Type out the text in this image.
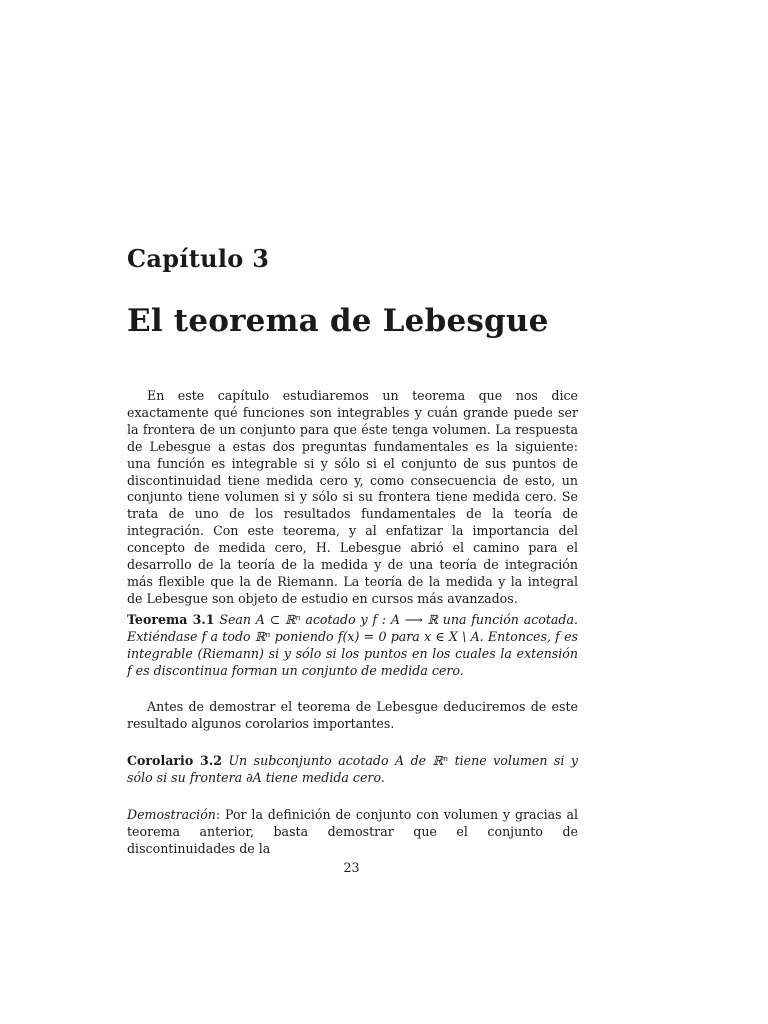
Capítulo 3
El teorema de Lebesgue

En este capítulo estudiaremos un teorema que nos dice exactamente qué funciones son integrables y cuán grande puede ser la frontera de un conjunto para que éste tenga volumen. La respuesta de Lebesgue a estas dos preguntas fundamentales es la siguiente: una función es integrable si y sólo si el conjunto de sus puntos de discontinuidad tiene medida cero y, como consecuencia de esto, un conjunto tiene volumen si y sólo si su frontera tiene medida cero. Se trata de uno de los resultados fundamentales de la teoría de integración. Con este teorema, y al enfatizar la importancia del concepto de medida cero, H. Lebesgue abrió el camino para el desarrollo de la teoría de la medida y de una teoría de integración más flexible que la de Riemann. La teoría de la medida y la integral de Lebesgue son objeto de estudio en cursos más avanzados.

Teorema 3.1 Sean A ⊂ ℝⁿ acotado y f : A ⟶ ℝ una función acotada. Extiéndase f a todo ℝⁿ poniendo f(x) = 0 para x ∈ X \ A. Entonces, f es integrable (Riemann) si y sólo si los puntos en los cuales la extensión f es discontinua forman un conjunto de medida cero.

Antes de demostrar el teorema de Lebesgue deduciremos de este resultado algunos corolarios importantes.

Corolario 3.2 Un subconjunto acotado A de ℝⁿ tiene volumen si y sólo si su frontera ∂A tiene medida cero.

Demostración: Por la definición de conjunto con volumen y gracias al teorema anterior, basta demostrar que el conjunto de discontinuidades de la

23
